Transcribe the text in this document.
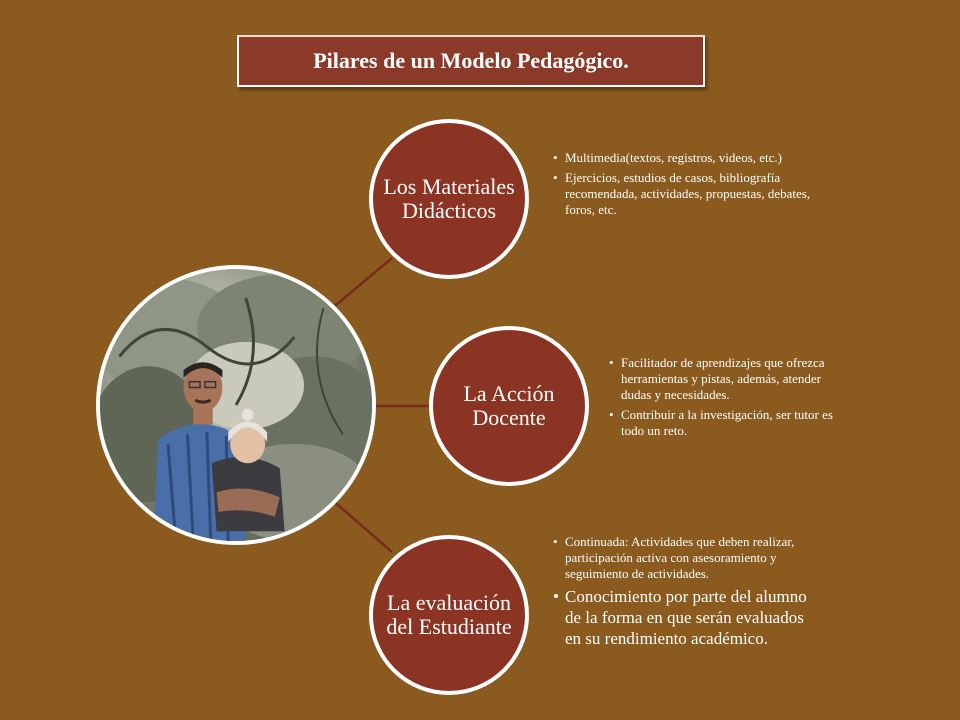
Pilares de un Modelo Pedagógico.
Los Materiales Didácticos
La Acción Docente
La evaluación del Estudiante
• Multimedia(textos, registros, videos, etc.)
• Ejercicios, estudios de casos, bibliografía recomendada, actividades, propuestas, debates, foros, etc.
• Facilitador de aprendizajes que ofrezca herramientas y pistas, además, atender dudas y necesidades.
• Contribuir a la investigación, ser tutor es todo un reto.
• Continuada: Actividades que deben realizar, participación activa con asesoramiento y seguimiento de actividades.
• Conocimiento por parte del alumno de la forma en que serán evaluados en su rendimiento académico.
